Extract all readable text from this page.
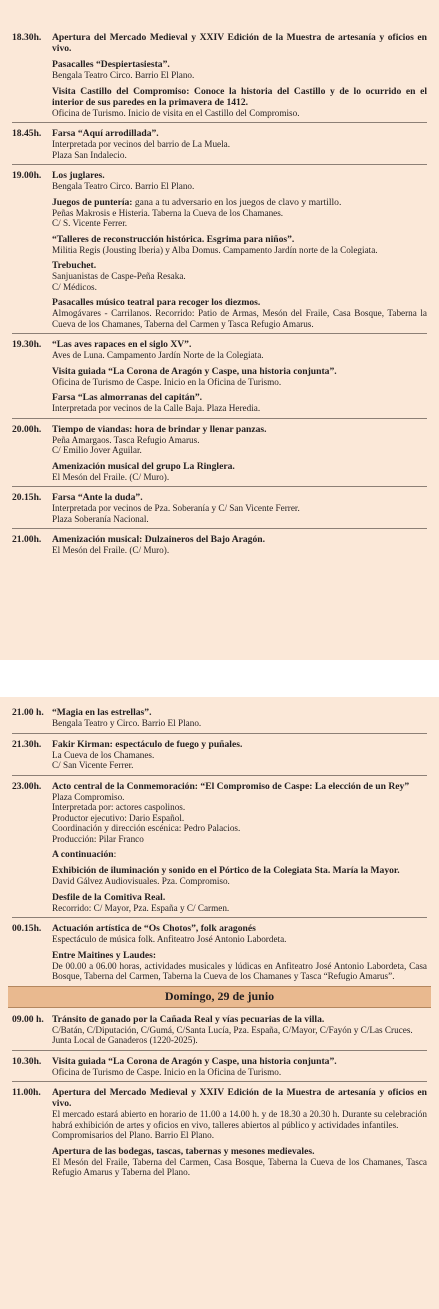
18.30h. Apertura del Mercado Medieval y XXIV Edición de la Muestra de artesanía y oficios en vivo.
Pasacalles “Despiertasiesta”.
Bengala Teatro Circo. Barrio El Plano.
Visita Castillo del Compromiso: Conoce la historia del Castillo y de lo ocurrido en el interior de sus paredes en la primavera de 1412.
Oficina de Turismo. Inicio de visita en el Castillo del Compromiso.
18.45h. Farsa “Aquí arrodillada”.
Interpretada por vecinos del barrio de La Muela.
Plaza San Indalecio.
19.00h. Los juglares.
Bengala Teatro Circo. Barrio El Plano.
Juegos de puntería: gana a tu adversario en los juegos de clavo y martillo.
Peñas Makrosis e Histeria. Taberna la Cueva de los Chamanes.
C/ S. Vicente Ferrer.
“Talleres de reconstrucción histórica. Esgrima para niños”.
Militia Regis (Jousting Iberia) y Alba Domus. Campamento Jardín norte de la Colegiata.
Trebuchet.
Sanjuanistas de Caspe-Peña Resaka.
C/ Médicos.
Pasacalles músico teatral para recoger los diezmos.
Almogávares - Carrilanos. Recorrido: Patio de Armas, Mesón del Fraile, Casa Bosque, Taberna la Cueva de los Chamanes, Taberna del Carmen y Tasca Refugio Amarus.
19.30h. “Las aves rapaces en el siglo XV”.
Aves de Luna. Campamento Jardín Norte de la Colegiata.
Visita guiada “La Corona de Aragón y Caspe, una historia conjunta”.
Oficina de Turismo de Caspe. Inicio en la Oficina de Turismo.
Farsa “Las almorranas del capitán”.
Interpretada por vecinos de la Calle Baja. Plaza Heredia.
20.00h. Tiempo de viandas: hora de brindar y llenar panzas.
Peña Amargaos. Tasca Refugio Amarus.
C/ Emilio Jover Aguilar.
Amenización musical del grupo La Ringlera.
El Mesón del Fraile. (C/ Muro).
20.15h. Farsa “Ante la duda”.
Interpretada por vecinos de Pza. Soberanía y C/ San Vicente Ferrer.
Plaza Soberanía Nacional.
21.00h. Amenización musical: Dulzaineros del Bajo Aragón.
El Mesón del Fraile. (C/ Muro).
21.00 h. “Magia en las estrellas”.
Bengala Teatro y Circo. Barrio El Plano.
21.30h. Fakir Kirman: espectáculo de fuego y puñales.
La Cueva de los Chamanes.
C/ San Vicente Ferrer.
23.00h. Acto central de la Conmemoración: “El Compromiso de Caspe: La elección de un Rey”
Plaza Compromiso.
Interpretada por: actores caspolinos.
Productor ejecutivo: Dario Español.
Coordinación y dirección escénica: Pedro Palacios.
Producción: Pilar Franco
A continuación:
Exhibición de iluminación y sonido en el Pórtico de la Colegiata Sta. María la Mayor.
David Gálvez Audiovisuales. Pza. Compromiso.
Desfile de la Comitiva Real.
Recorrido: C/ Mayor, Pza. España y C/ Carmen.
00.15h. Actuación artística de “Os Chotos”, folk aragonés
Espectáculo de música folk. Anfiteatro José Antonio Labordeta.
Entre Maitines y Laudes:
De 00.00 a 06.00 horas, actividades musicales y lúdicas en Anfiteatro José Antonio Labordeta, Casa Bosque, Taberna del Carmen, Taberna la Cueva de los Chamanes y Tasca “Refugio Amarus”.
Domingo, 29 de junio
09.00 h. Tránsito de ganado por la Cañada Real y vías pecuarias de la villa.
C/Batán, C/Diputación, C/Gumá, C/Santa Lucía, Pza. España, C/Mayor, C/Fayón y C/Las Cruces.
Junta Local de Ganaderos (1220-2025).
10.30h. Visita guiada “La Corona de Aragón y Caspe, una historia conjunta”.
Oficina de Turismo de Caspe. Inicio en la Oficina de Turismo.
11.00h. Apertura del Mercado Medieval y XXIV Edición de la Muestra de artesanía y oficios en vivo.
El mercado estará abierto en horario de 11.00 a 14.00 h. y de 18.30 a 20.30 h. Durante su celebración habrá exhibición de artes y oficios en vivo, talleres abiertos al público y actividades infantiles.
Compromisarios del Plano. Barrio El Plano.
Apertura de las bodegas, tascas, tabernas y mesones medievales.
El Mesón del Fraile, Taberna del Carmen, Casa Bosque, Taberna la Cueva de los Chamanes, Tasca Refugio Amarus y Taberna del Plano.
